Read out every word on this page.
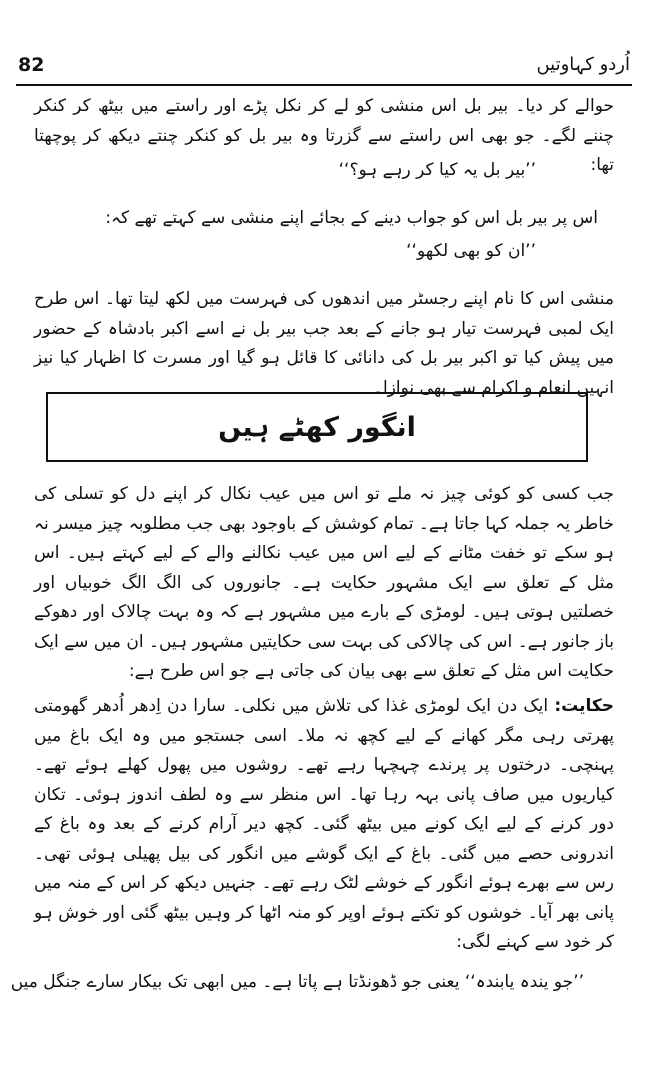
82	اُردو کہاوتیں

حوالے کر دیا۔ بیر بل اس منشی کو لے کر نکل پڑے اور راستے میں بیٹھ کر کنکر چننے لگے۔ جو بھی اس راستے سے گزرتا وہ بیر بل کو کنکر چنتے دیکھ کر پوچھتا تھا:

’’بیر بل یہ کیا کر رہے ہو؟‘‘

اس پر بیر بل اس کو جواب دینے کے بجائے اپنے منشی سے کہتے تھے کہ:

’’ان کو بھی لکھو‘‘

منشی اس کا نام اپنے رجسٹر میں اندھوں کی فہرست میں لکھ لیتا تھا۔ اس طرح ایک لمبی فہرست تیار ہو جانے کے بعد جب بیر بل نے اسے اکبر بادشاہ کے حضور میں پیش کیا تو اکبر بیر بل کی دانائی کا قائل ہو گیا اور مسرت کا اظہار کیا نیز انہیں انعام و اکرام سے بھی نوازا۔

انگور کھٹے ہیں

جب کسی کو کوئی چیز نہ ملے تو اس میں عیب نکال کر اپنے دل کو تسلی کی خاطر یہ جملہ کہا جاتا ہے۔ تمام کوشش کے باوجود بھی جب مطلوبہ چیز میسر نہ ہو سکے تو خفت مٹانے کے لیے اس میں عیب نکالنے والے کے لیے کہتے ہیں۔ اس مثل کے تعلق سے ایک مشہور حکایت ہے۔ جانوروں کی الگ الگ خوبیاں اور خصلتیں ہوتی ہیں۔ لومڑی کے بارے میں مشہور ہے کہ وہ بہت چالاک اور دھوکے باز جانور ہے۔ اس کی چالاکی کی بہت سی حکایتیں مشہور ہیں۔ ان میں سے ایک حکایت اس مثل کے تعلق سے بھی بیان کی جاتی ہے جو اس طرح ہے:

حکایت: ایک دن ایک لومڑی غذا کی تلاش میں نکلی۔ سارا دن اِدھر اُدھر گھومتی پھرتی رہی مگر کھانے کے لیے کچھ نہ ملا۔ اسی جستجو میں وہ ایک باغ میں پہنچی۔ درختوں پر پرندے چہچہا رہے تھے۔ روشوں میں پھول کھلے ہوئے تھے۔ کیاریوں میں صاف پانی بہہ رہا تھا۔ اس منظر سے وہ لطف اندوز ہوئی۔ تکان دور کرنے کے لیے ایک کونے میں بیٹھ گئی۔ کچھ دیر آرام کرنے کے بعد وہ باغ کے اندرونی حصے میں گئی۔ باغ کے ایک گوشے میں انگور کی بیل پھیلی ہوئی تھی۔ رس سے بھرے ہوئے انگور کے خوشے لٹک رہے تھے۔ جنہیں دیکھ کر اس کے منہ میں پانی بھر آیا۔ خوشوں کو تکتے ہوئے اوپر کو منہ اٹھا کر وہیں بیٹھ گئی اور خوش ہو کر خود سے کہنے لگی:

’’جو یندہ یابندہ‘‘ یعنی جو ڈھونڈتا ہے پاتا ہے۔ میں ابھی تک بیکار سارے جنگل میں
